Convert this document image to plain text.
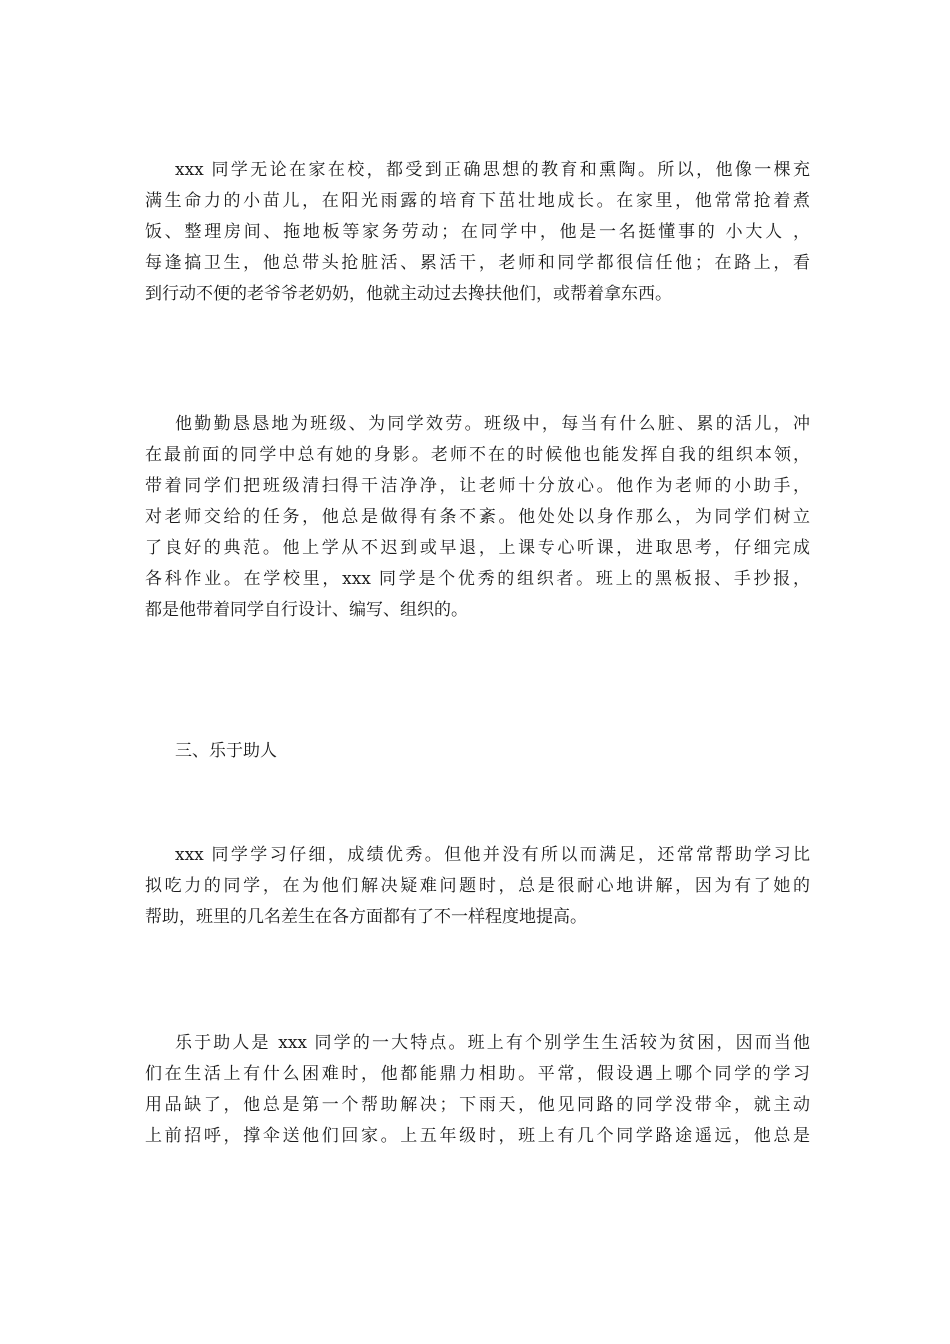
xxx 同学无论在家在校，都受到正确思想的教育和熏陶。所以，他像一棵充
满生命力的小苗儿，在阳光雨露的培育下茁壮地成长。在家里，他常常抢着煮
饭、整理房间、拖地板等家务劳动；在同学中，他是一名挺懂事的 小大人 ，
每逢搞卫生，他总带头抢脏活、累活干，老师和同学都很信任他；在路上，看
到行动不便的老爷爷老奶奶，他就主动过去搀扶他们，或帮着拿东西。
他勤勤恳恳地为班级、为同学效劳。班级中，每当有什么脏、累的活儿，冲
在最前面的同学中总有她的身影。老师不在的时候他也能发挥自我的组织本领，
带着同学们把班级清扫得干洁净净，让老师十分放心。他作为老师的小助手，
对老师交给的任务，他总是做得有条不紊。他处处以身作那么，为同学们树立
了良好的典范。他上学从不迟到或早退，上课专心听课，进取思考，仔细完成
各科作业。在学校里，xxx 同学是个优秀的组织者。班上的黑板报、手抄报，
都是他带着同学自行设计、编写、组织的。
三、乐于助人
xxx 同学学习仔细，成绩优秀。但他并没有所以而满足，还常常帮助学习比
拟吃力的同学，在为他们解决疑难问题时，总是很耐心地讲解，因为有了她的
帮助，班里的几名差生在各方面都有了不一样程度地提高。
乐于助人是 xxx 同学的一大特点。班上有个别学生生活较为贫困，因而当他
们在生活上有什么困难时，他都能鼎力相助。平常，假设遇上哪个同学的学习
用品缺了，他总是第一个帮助解决；下雨天，他见同路的同学没带伞，就主动
上前招呼，撑伞送他们回家。上五年级时，班上有几个同学路途遥远，他总是
